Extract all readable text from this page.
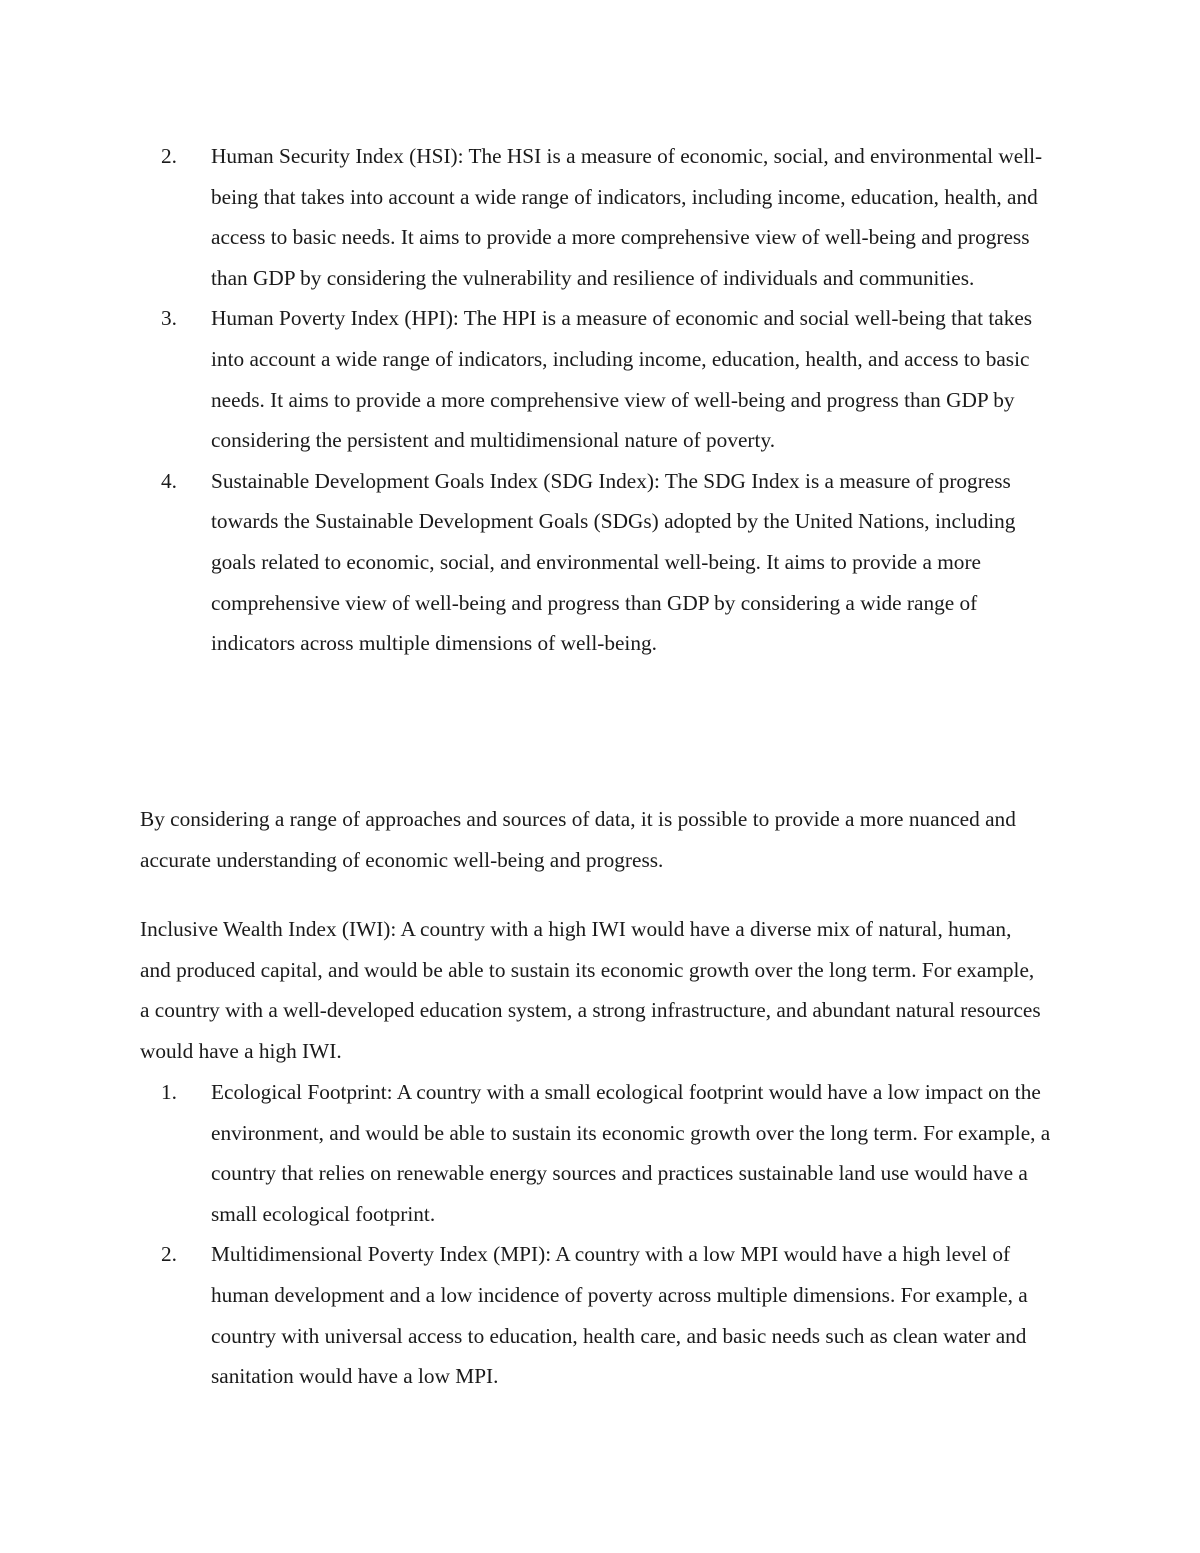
2.	Human Security Index (HSI): The HSI is a measure of economic, social, and environmental well-being that takes into account a wide range of indicators, including income, education, health, and access to basic needs. It aims to provide a more comprehensive view of well-being and progress than GDP by considering the vulnerability and resilience of individuals and communities.
3.	Human Poverty Index (HPI): The HPI is a measure of economic and social well-being that takes into account a wide range of indicators, including income, education, health, and access to basic needs. It aims to provide a more comprehensive view of well-being and progress than GDP by considering the persistent and multidimensional nature of poverty.
4.	Sustainable Development Goals Index (SDG Index): The SDG Index is a measure of progress towards the Sustainable Development Goals (SDGs) adopted by the United Nations, including goals related to economic, social, and environmental well-being. It aims to provide a more comprehensive view of well-being and progress than GDP by considering a wide range of indicators across multiple dimensions of well-being.

By considering a range of approaches and sources of data, it is possible to provide a more nuanced and accurate understanding of economic well-being and progress.

Inclusive Wealth Index (IWI): A country with a high IWI would have a diverse mix of natural, human, and produced capital, and would be able to sustain its economic growth over the long term. For example, a country with a well-developed education system, a strong infrastructure, and abundant natural resources would have a high IWI.

1.	Ecological Footprint: A country with a small ecological footprint would have a low impact on the environment, and would be able to sustain its economic growth over the long term. For example, a country that relies on renewable energy sources and practices sustainable land use would have a small ecological footprint.
2.	Multidimensional Poverty Index (MPI): A country with a low MPI would have a high level of human development and a low incidence of poverty across multiple dimensions. For example, a country with universal access to education, health care, and basic needs such as clean water and sanitation would have a low MPI.
